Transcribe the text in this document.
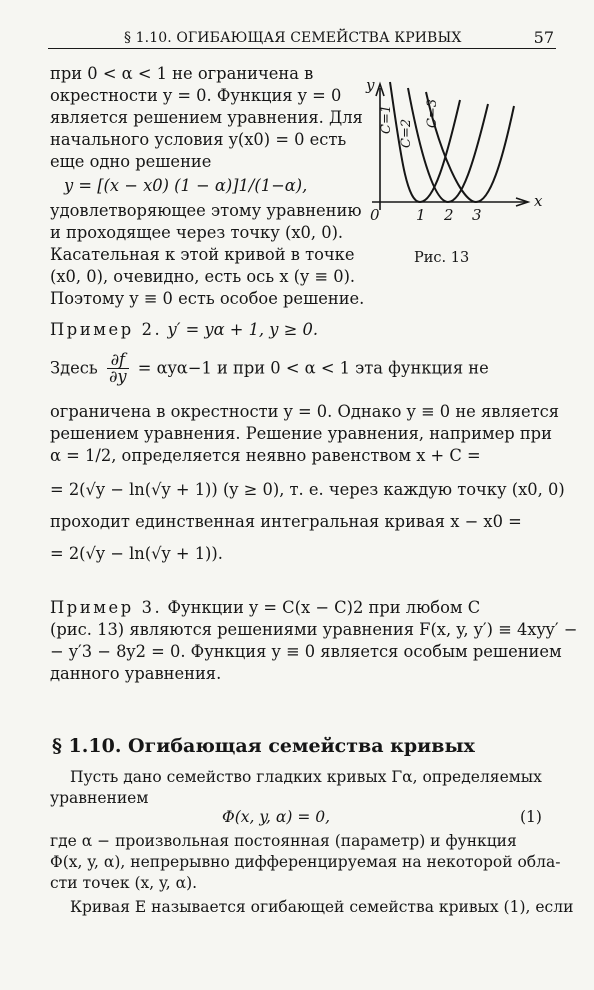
§ 1.10. ОГИБАЮЩАЯ СЕМЕЙСТВА КРИВЫХ	57
при 0 < α < 1 не ограничена в
окрестности y = 0. Функция y = 0
является решением уравнения. Для
начального условия y(x0) = 0 есть
еще одно решение
y = [(x − x0) (1 − α)]1/(1−α),
удовлетворяющее этому уравнению
и проходящее через точку (x0, 0).
Касательная к этой кривой в точке
(x0, 0), очевидно, есть ось x (y ≡ 0).
Поэтому y ≡ 0 есть особое решение.
y
x
0 1 2 3
C=1 C=2
C=3
Рис. 13
Пример 2. y′ = yα + 1, y ≥ 0.
Здесь $\frac{\partial f}{\partial y} = \alpha y\alpha-1$ и при 0 < α < 1 эта функция не
ограничена в окрестности y = 0. Однако y ≡ 0 не является
решением уравнения. Решение уравнения, например при
α = 1/2, определяется неявно равенством x + C =
= 2(√y − ln(√y + 1)) (y ≥ 0), т. е. через каждую точку (x0, 0)
проходит единственная интегральная кривая x − x0 =
= 2(√y − ln(√y + 1)).
Пример 3. Функции y = C(x − C)2 при любом C
(рис. 13) являются решениями уравнения F(x, y, y′) ≡ 4xyy′ −
− y′3 − 8y2 = 0. Функция y ≡ 0 является особым решением
данного уравнения.
§ 1.10. Огибающая семейства кривых
Пусть дано семейство гладких кривых Γα, определяемых
уравнением
Φ(x, y, α) = 0,	(1)
где α − произвольная постоянная (параметр) и функция
Φ(x, y, α), непрерывно дифференцируемая на некоторой обла-
сти точек (x, y, α).
Кривая E называется огибающей семейства кривых (1), если
